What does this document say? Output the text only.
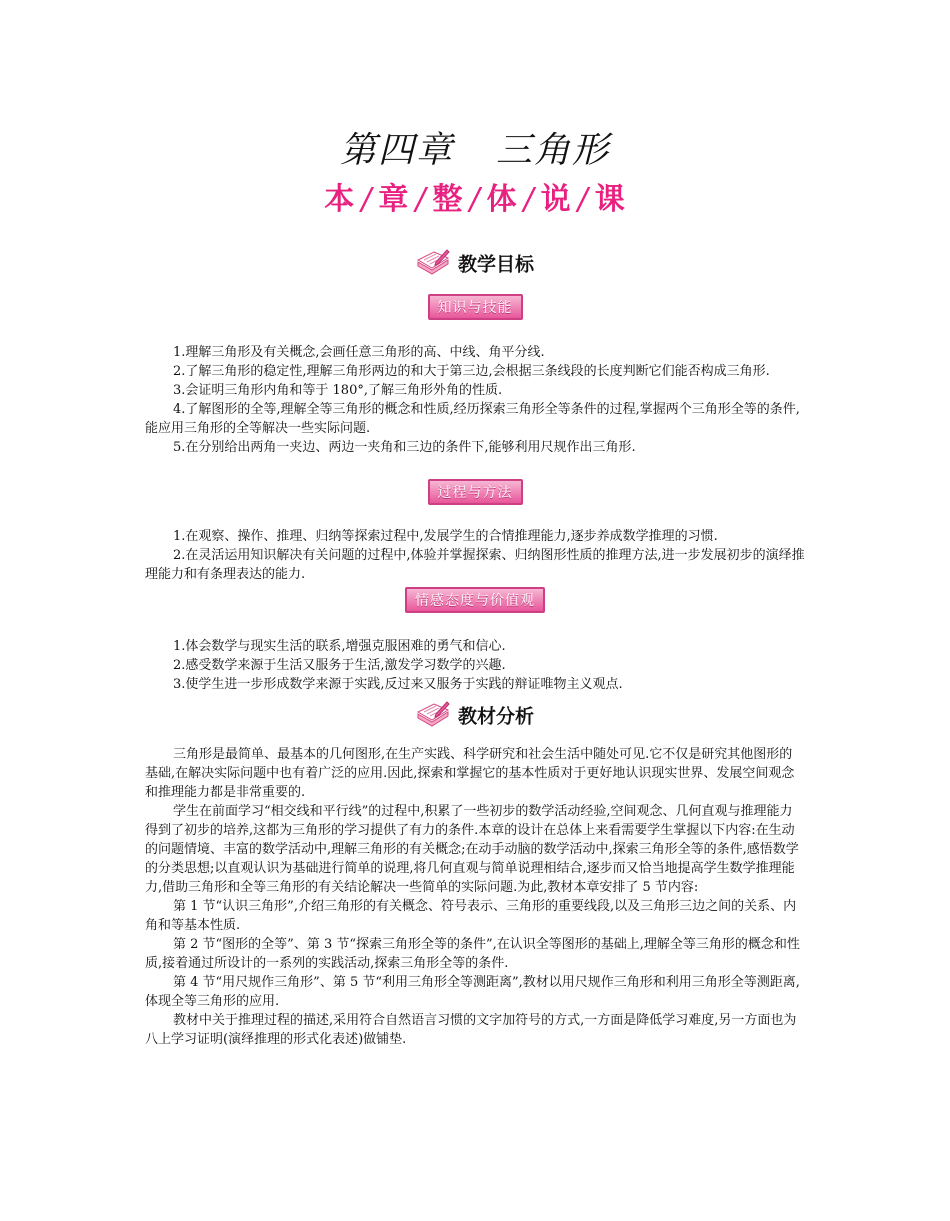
第四章 三角形
本 / 章 / 整 / 体 / 说 / 课
教学目标
知识与技能
1.理解三角形及有关概念,会画任意三角形的高、中线、角平分线.
2.了解三角形的稳定性,理解三角形两边的和大于第三边,会根据三条线段的长度判断它们能否构成三角形.
3.会证明三角形内角和等于 180°,了解三角形外角的性质.
4.了解图形的全等,理解全等三角形的概念和性质,经历探索三角形全等条件的过程,掌握两个三角形全等的条件,能应用三角形的全等解决一些实际问题.
5.在分别给出两角一夹边、两边一夹角和三边的条件下,能够利用尺规作出三角形.
过程与方法
1.在观察、操作、推理、归纳等探索过程中,发展学生的合情推理能力,逐步养成数学推理的习惯.
2.在灵活运用知识解决有关问题的过程中,体验并掌握探索、归纳图形性质的推理方法,进一步发展初步的演绎推理能力和有条理表达的能力.
情感态度与价值观
1.体会数学与现实生活的联系,增强克服困难的勇气和信心.
2.感受数学来源于生活又服务于生活,激发学习数学的兴趣.
3.使学生进一步形成数学来源于实践,反过来又服务于实践的辩证唯物主义观点.
教材分析

三角形是最简单、最基本的几何图形,在生产实践、科学研究和社会生活中随处可见.它不仅是研究其他图形的基础,在解决实际问题中也有着广泛的应用.因此,探索和掌握它的基本性质对于更好地认识现实世界、发展空间观念和推理能力都是非常重要的.

学生在前面学习“相交线和平行线”的过程中,积累了一些初步的数学活动经验,空间观念、几何直观与推理能力得到了初步的培养,这都为三角形的学习提供了有力的条件.本章的设计在总体上来看需要学生掌握以下内容:在生动的问题情境、丰富的数学活动中,理解三角形的有关概念;在动手动脑的数学活动中,探索三角形全等的条件,感悟数学的分类思想;以直观认识为基础进行简单的说理,将几何直观与简单说理相结合,逐步而又恰当地提高学生数学推理能力,借助三角形和全等三角形的有关结论解决一些简单的实际问题.为此,教材本章安排了 5 节内容:

第 1 节“认识三角形”,介绍三角形的有关概念、符号表示、三角形的重要线段,以及三角形三边之间的关系、内角和等基本性质.

第 2 节“图形的全等”、第 3 节“探索三角形全等的条件”,在认识全等图形的基础上,理解全等三角形的概念和性质,接着通过所设计的一系列的实践活动,探索三角形全等的条件.

第 4 节“用尺规作三角形”、第 5 节“利用三角形全等测距离”,教材以用尺规作三角形和利用三角形全等测距离,体现全等三角形的应用.

教材中关于推理过程的描述,采用符合自然语言习惯的文字加符号的方式,一方面是降低学习难度,另一方面也为八上学习证明(演绎推理的形式化表述)做铺垫.
